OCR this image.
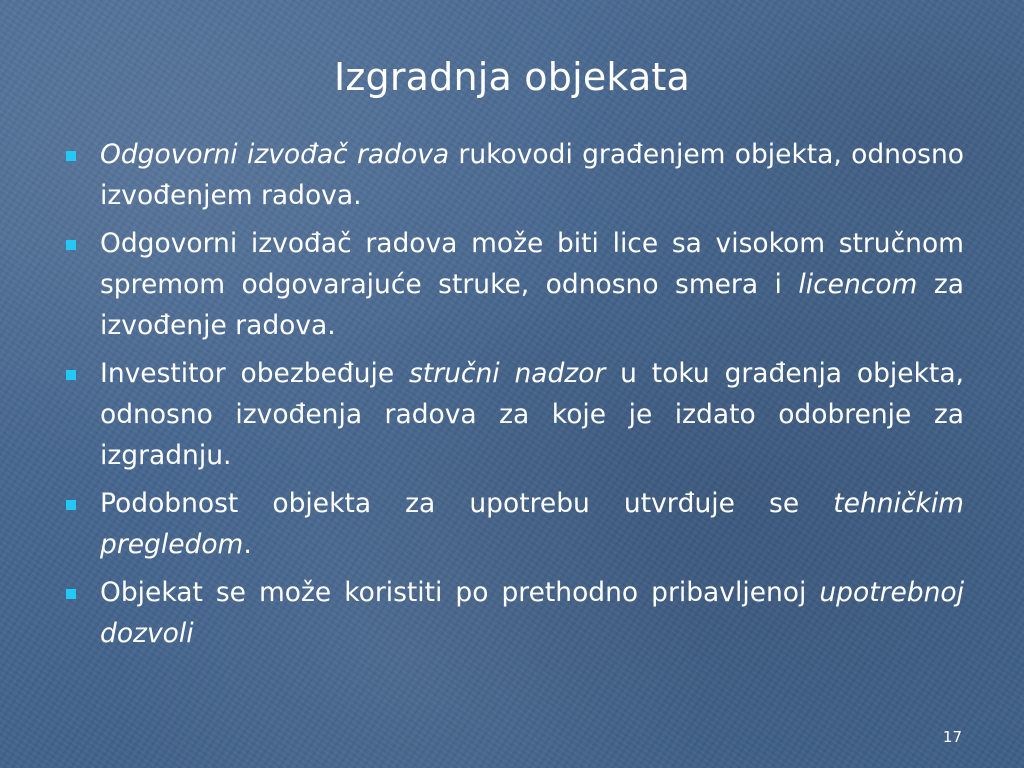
Izgradnja objekata
Odgovorni izvođač radova rukovodi građenjem objekta, odnosno izvođenjem radova.
Odgovorni izvođač radova može biti lice sa visokom stručnom spremom odgovarajuće struke, odnosno smera i licencom za izvođenje radova.
Investitor obezbeđuje stručni nadzor u toku građenja objekta, odnosno izvođenja radova za koje je izdato odobrenje za izgradnju.
Podobnost objekta za upotrebu utvrđuje se tehničkim pregledom.
Objekat se može koristiti po prethodno pribavljenoj upotrebnoj dozvoli
17
